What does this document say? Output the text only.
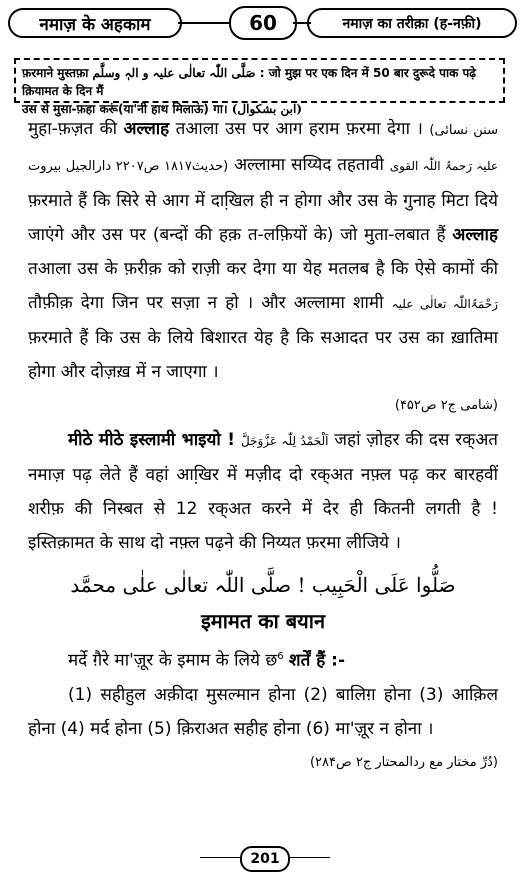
नमाज़ के अहकाम	60	नमाज़ का तरीक़ा (ह-नफ़ी)
फ़रमाने मुस्तफ़ा صَلَّی اللّٰہ تعالٰی علیہ و الہٖ وسلَّم : जो मुझ पर एक दिन में 50 बार दुरूदे पाक पढ़े क़ियामत के दिन मैं
उस से मुसा-फ़हा करूं(या'नी हाथ मिलाऊं) गा। (ابن بشکوال)
मुहा-फ़ज़त की अल्लाह तआला उस पर आग हराम फ़रमा देगा । (سنن نسائی حدیث۱۸۱۷ ص۲۲۰۷ دارالجیل بیروت) अल्लामा सय्यिद तहतावी علیہ رَحمۃُ اللّٰہ القوی फ़रमाते हैं कि सिरे से आग में दाखि़ल ही न होगा और उस के गुनाह मिटा दिये जाएंगे और उस पर (बन्दों की हक़ त-लफ़ियों के) जो मुता-लबात हैं अल्लाह तआला उस के फ़रीक़ को राज़ी कर देगा या येह मतलब है कि ऐसे कामों की तौफ़ीक़ देगा जिन पर सज़ा न हो । और अल्लामा शामी رَحْمَۃُاللّٰہ تعالٰی علیہ फ़रमाते हैं कि उस के लिये बिशारत येह है कि सआदत पर उस का ख़ातिमा होगा और दोज़ख़ में न जाएगा ।
(شامی ج۲ ص۴۵۲)
मीठे मीठे इस्लामी भाइयो ! اَلْحَمْدُ لِلّٰہ عَزَّوَجَلَّ जहां ज़ोहर की दस रक्अत नमाज़ पढ़ लेते हैं वहां आखि़र में मज़ीद दो रक्अत नफ़्ल पढ़ कर बारहवीं शरीफ़ की निस्बत से 12 रक्अत करने में देर ही कितनी लगती है ! इस्तिक़ामत के साथ दो नफ़्ल पढ़ने की निय्यत फ़रमा लीजिये ।
صَلُّوا عَلَی الْحَبِیب ! صلَّی اللّٰہ تعالٰی علٰی محمَّد
इमामत का बयान
मर्दे ग़ैरे मा'ज़ूर के इमाम के लिये छ$^6$ शर्तें हैं :-
(1) सहीहुल अक़ीदा मुसल्मान होना (2) बालिग़ होना (3) आक़िल होना (4) मर्द होना (5) क़िराअत सहीह होना (6) मा'ज़ूर न होना ।
(دُرِّ مختار مع ردالمحتار ج۲ ص۲۸۴)
201
